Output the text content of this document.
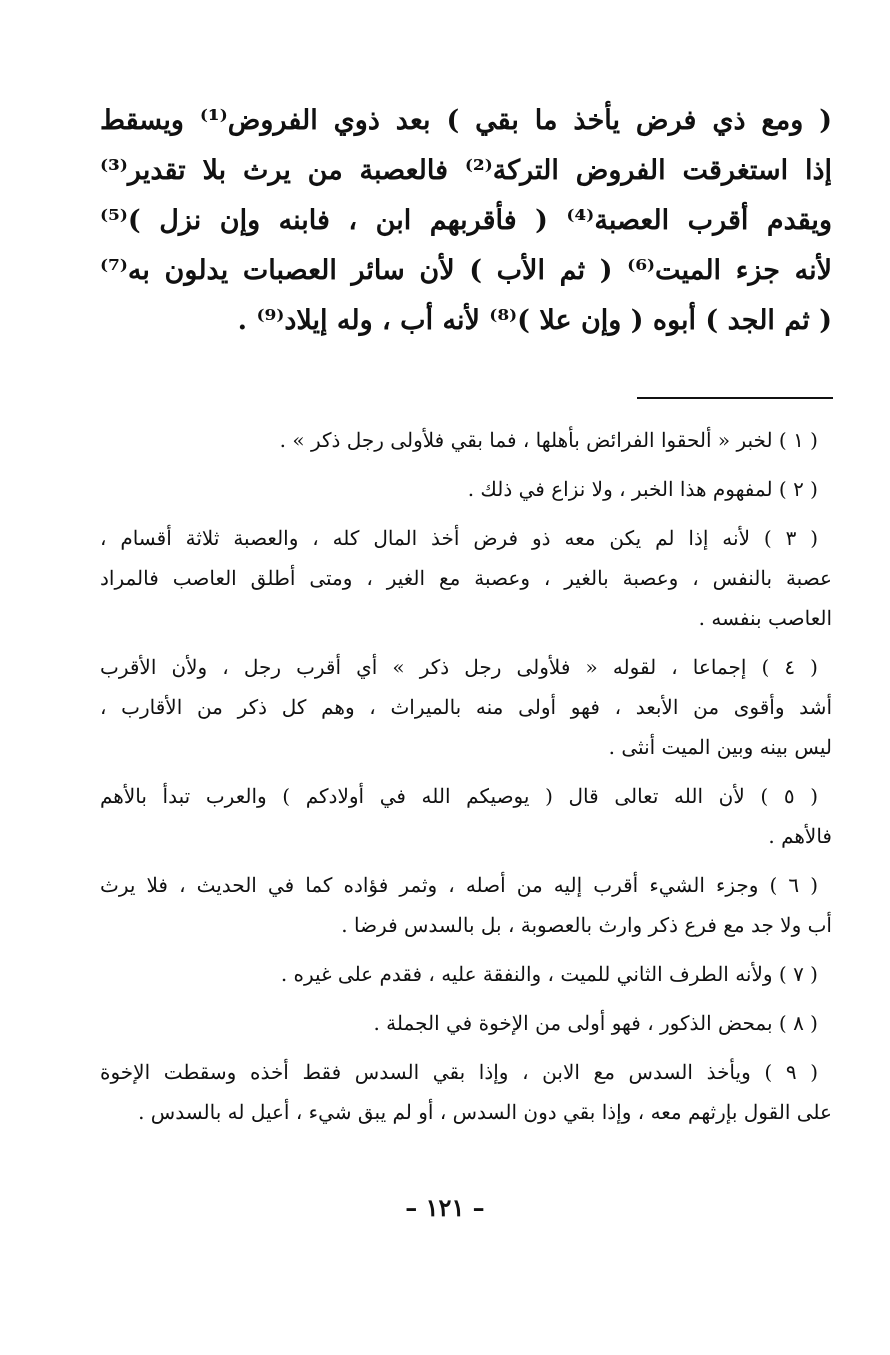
( ومع ذي فرض يأخذ ما بقي ) بعد ذوي الفروض⁽¹⁾ ويسقط
إذا استغرقت الفروض التركة⁽²⁾ فالعصبة من يرث بلا تقدير⁽³⁾
ويقدم أقرب العصبة⁽⁴⁾ ( فأقربهم ابن ، فابنه وإن نزل )⁽⁵⁾
لأنه جزء الميت⁽⁶⁾ ( ثم الأب ) لأن سائر العصبات يدلون به⁽⁷⁾
( ثم الجد ) أبوه ( وإن علا )⁽⁸⁾ لأنه أب ، وله إيلاد⁽⁹⁾ .
( ١ ) لخبر « ألحقوا الفرائض بأهلها ، فما بقي فلأولى رجل ذكر » .
( ٢ ) لمفهوم هذا الخبر ، ولا نزاع في ذلك .
( ٣ ) لأنه إذا لم يكن معه ذو فرض أخذ المال كله ، والعصبة ثلاثة أقسام ،
عصبة بالنفس ، وعصبة بالغير ، وعصبة مع الغير ، ومتى أطلق العاصب فالمراد
العاصب بنفسه .
( ٤ ) إجماعا ، لقوله « فلأولى رجل ذكر » أي أقرب رجل ، ولأن الأقرب
أشد وأقوى من الأبعد ، فهو أولى منه بالميراث ، وهم كل ذكر من الأقارب ،
ليس بينه وبين الميت أنثى .
( ٥ ) لأن الله تعالى قال ( يوصيكم الله في أولادكم ) والعرب تبدأ بالأهم
فالأهم .
( ٦ ) وجزء الشيء أقرب إليه من أصله ، وثمر فؤاده كما في الحديث ، فلا يرث
أب ولا جد مع فرع ذكر وارث بالعصوبة ، بل بالسدس فرضا .
( ٧ ) ولأنه الطرف الثاني للميت ، والنفقة عليه ، فقدم على غيره .
( ٨ ) بمحض الذكور ، فهو أولى من الإخوة في الجملة .
( ٩ ) ويأخذ السدس مع الابن ، وإذا بقي السدس فقط أخذه وسقطت الإخوة
على القول بإرثهم معه ، وإذا بقي دون السدس ، أو لم يبق شيء ، أعيل له بالسدس .
– ١٢١ –
